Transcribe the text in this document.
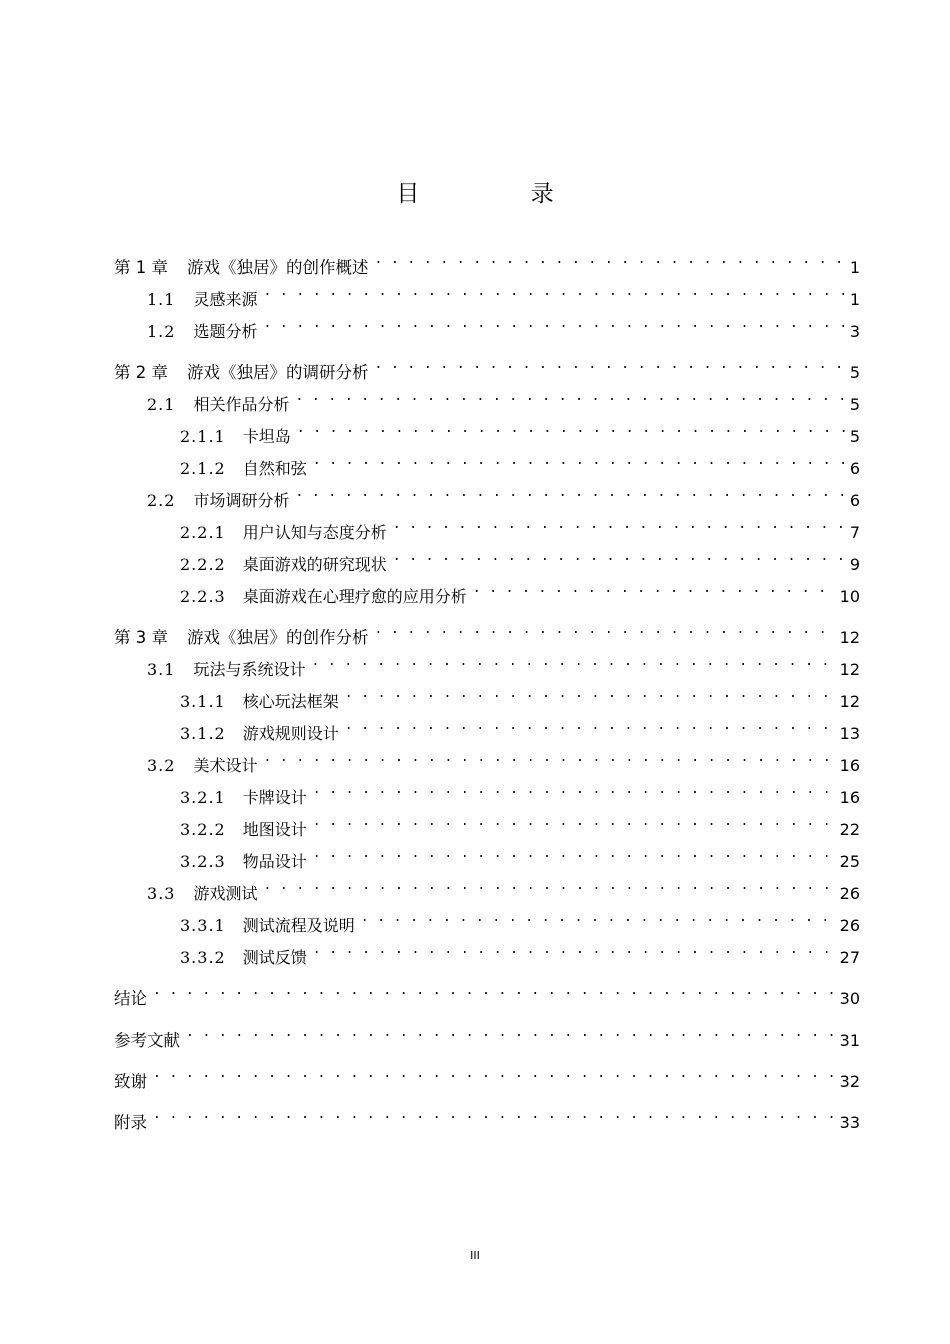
目 录
第 1 章 游戏《独居》的创作概述 . . .	1
1.1 灵感来源 . . .	1
1.2 选题分析 . . .	3
第 2 章 游戏《独居》的调研分析 . . .	5
2.1 相关作品分析 . . .	5
2.1.1 卡坦岛 . . .	5
2.1.2 自然和弦 . . .	6
2.2 市场调研分析 . . .	6
2.2.1 用户认知与态度分析 . . .	7
2.2.2 桌面游戏的研究现状 . . .	9
2.2.3 桌面游戏在心理疗愈的应用分析 . . .	10
第 3 章 游戏《独居》的创作分析 . . .	12
3.1 玩法与系统设计 . . .	12
3.1.1 核心玩法框架 . . .	12
3.1.2 游戏规则设计 . . .	13
3.2 美术设计 . . .	16
3.2.1 卡牌设计 . . .	16
3.2.2 地图设计 . . .	22
3.2.3 物品设计 . . .	25
3.3 游戏测试 . . .	26
3.3.1 测试流程及说明 . . .	26
3.3.2 测试反馈 . . .	27
结论 . . .	30
参考文献 . . .	31
致谢 . . .	32
附录 . . .	33
III
